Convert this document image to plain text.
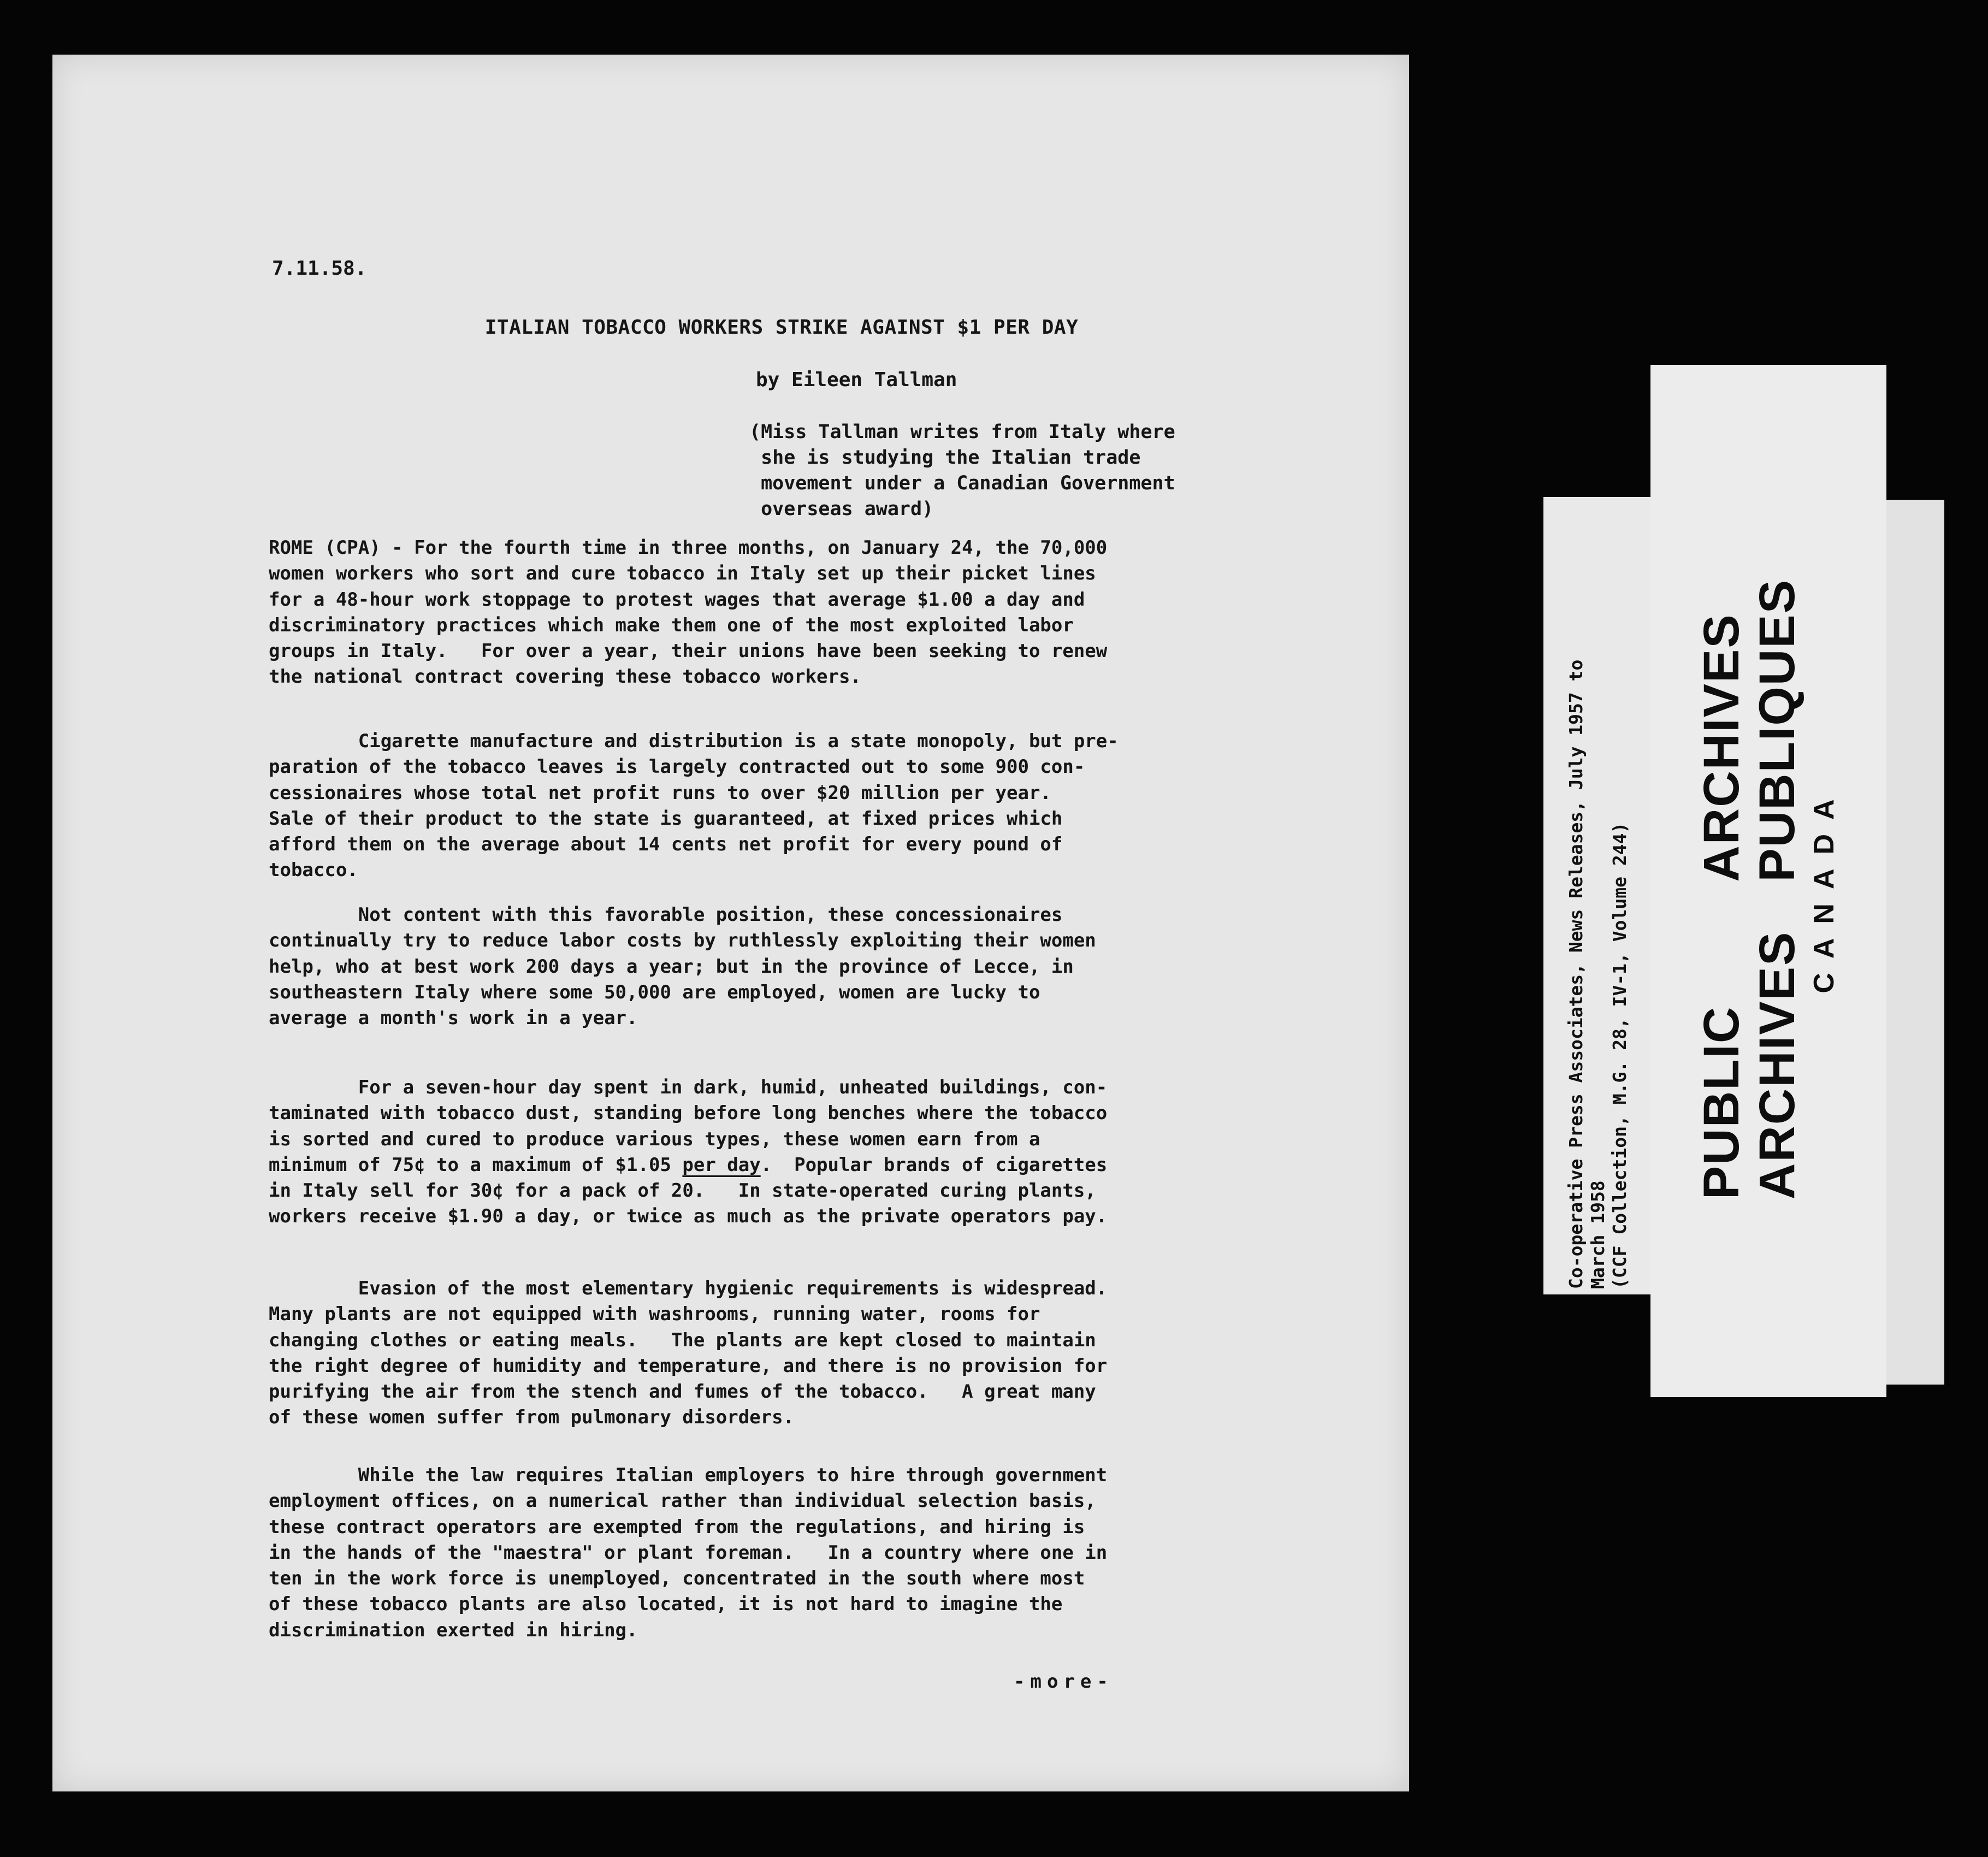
7.11.58.
ITALIAN TOBACCO WORKERS STRIKE AGAINST $1 PER DAY
by Eileen Tallman
(Miss Tallman writes from Italy where
she is studying the Italian trade
movement under a Canadian Government
overseas award)
ROME (CPA) - For the fourth time in three months, on January 24, the 70,000
women workers who sort and cure tobacco in Italy set up their picket lines
for a 48-hour work stoppage to protest wages that average $1.00 a day and
discriminatory practices which make them one of the most exploited labor
groups in Italy.   For over a year, their unions have been seeking to renew
the national contract covering these tobacco workers.
Cigarette manufacture and distribution is a state monopoly, but pre-
paration of the tobacco leaves is largely contracted out to some 900 con-
cessionaires whose total net profit runs to over $20 million per year.
Sale of their product to the state is guaranteed, at fixed prices which
afford them on the average about 14 cents net profit for every pound of
tobacco.
Not content with this favorable position, these concessionaires
continually try to reduce labor costs by ruthlessly exploiting their women
help, who at best work 200 days a year; but in the province of Lecce, in
southeastern Italy where some 50,000 are employed, women are lucky to
average a month's work in a year.
For a seven-hour day spent in dark, humid, unheated buildings, con-
taminated with tobacco dust, standing before long benches where the tobacco
is sorted and cured to produce various types, these women earn from a
minimum of 75¢ to a maximum of $1.05 per day.  Popular brands of cigarettes
in Italy sell for 30¢ for a pack of 20.   In state-operated curing plants,
workers receive $1.90 a day, or twice as much as the private operators pay.
Evasion of the most elementary hygienic requirements is widespread.
Many plants are not equipped with washrooms, running water, rooms for
changing clothes or eating meals.   The plants are kept closed to maintain
the right degree of humidity and temperature, and there is no provision for
purifying the air from the stench and fumes of the tobacco.   A great many
of these women suffer from pulmonary disorders.
While the law requires Italian employers to hire through government
employment offices, on a numerical rather than individual selection basis,
these contract operators are exempted from the regulations, and hiring is
in the hands of the "maestra" or plant foreman.   In a country where one in
ten in the work force is unemployed, concentrated in the south where most
of these tobacco plants are also located, it is not hard to imagine the
discrimination exerted in hiring.
-more-
Co-operative Press Associates, News Releases, July 1957 to
March 1958
(CCF Collection, M.G. 28, IV-1, Volume 244)
PUBLIC
ARCHIVES
ARCHIVES
PUBLIQUES
CANADA
